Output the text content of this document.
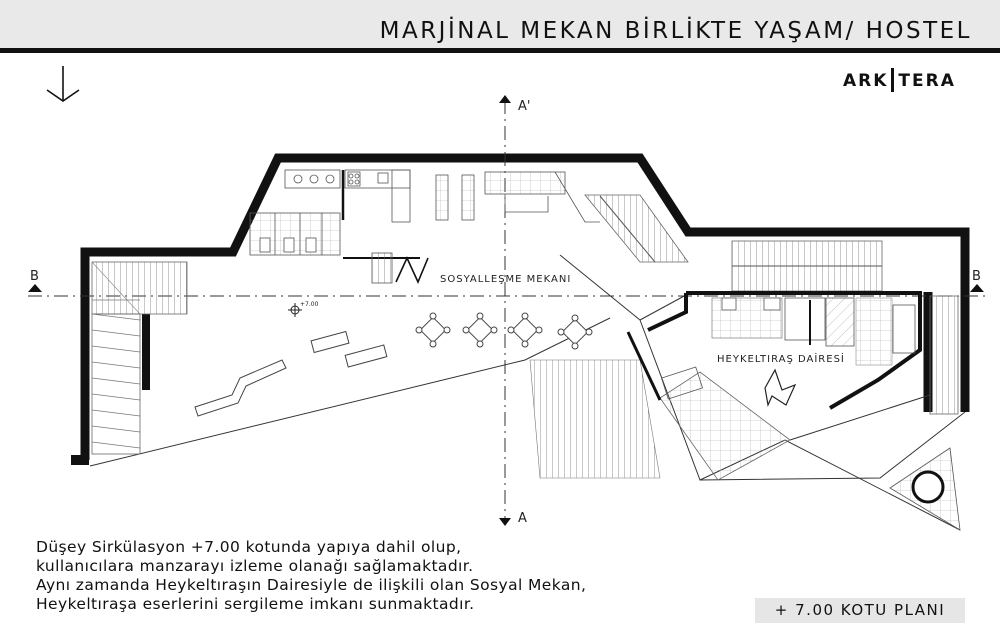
MARJİNAL MEKAN BİRLİKTE YAŞAM/ HOSTEL
ARK TERA
A'
A
B	B
+7.00
SOSYALLEŞME MEKANI
HEYKELTIRAŞ DAİRESİ
Düşey Sirkülasyon +7.00 kotunda yapıya dahil olup,
kullanıcılara manzarayı izleme olanağı sağlamaktadır.
Aynı zamanda Heykeltıraşın Dairesiyle de ilişkili olan Sosyal Mekan,
Heykeltıraşa eserlerini sergileme imkanı sunmaktadır.	+ 7.00 KOTU PLANI
